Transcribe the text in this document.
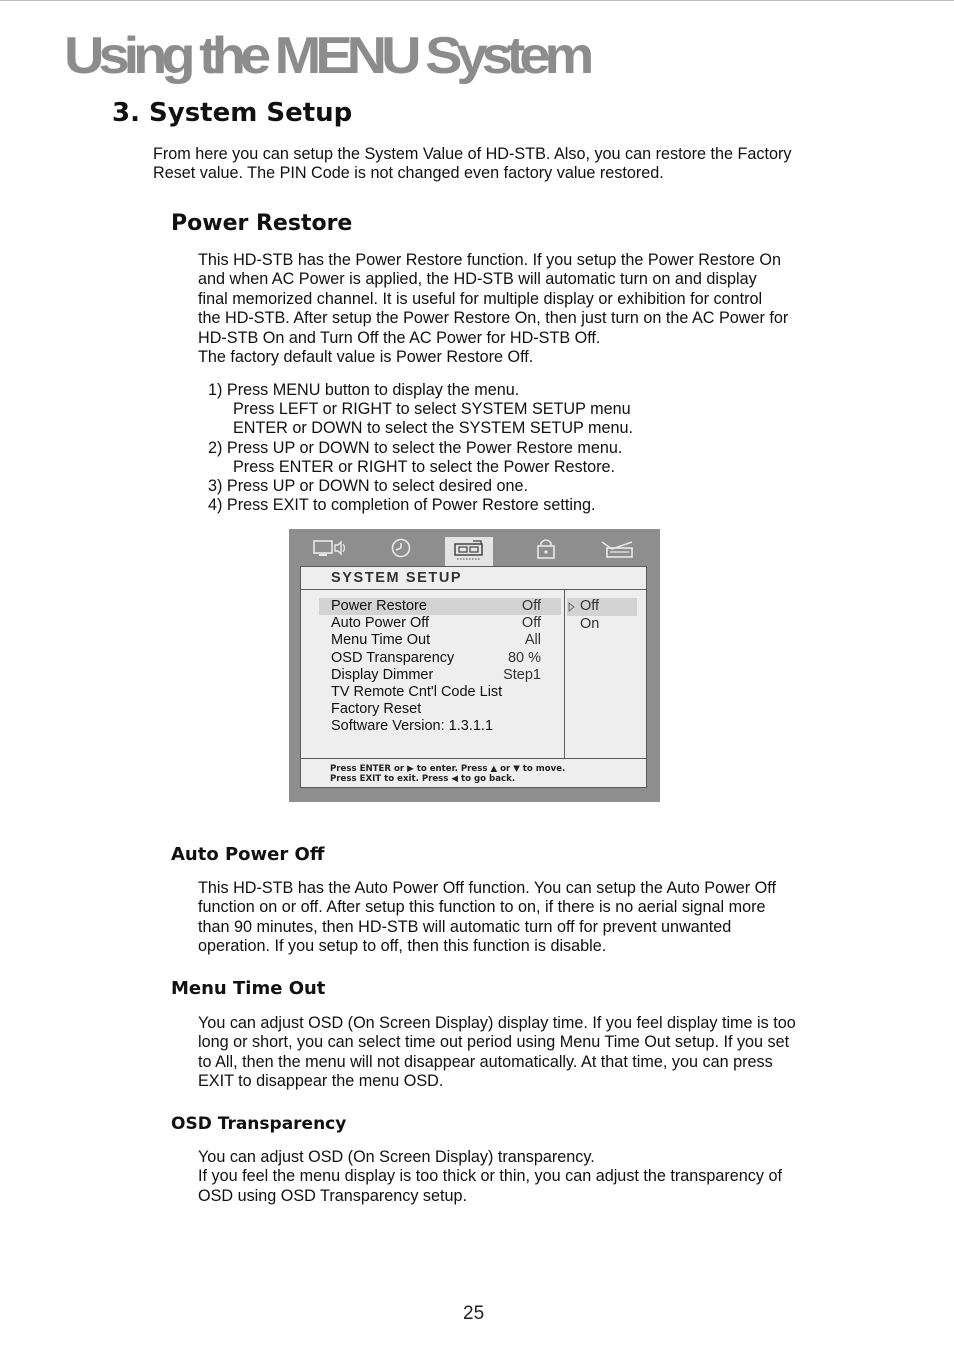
Using the MENU System
3. System Setup

From here you can setup the System Value of HD-STB. Also, you can restore the Factory
Reset value. The PIN Code is not changed even factory value restored.

Power Restore

This HD-STB has the Power Restore function. If you setup the Power Restore On
and when AC Power is applied, the HD-STB will automatic turn on and display
final memorized channel. It is useful for multiple display or exhibition for control
the HD-STB. After setup the Power Restore On, then just turn on the AC Power for
HD-STB On and Turn Off the AC Power for HD-STB Off.
The factory default value is Power Restore Off.

1) Press MENU button to display the menu.
Press LEFT or RIGHT to select SYSTEM SETUP menu
ENTER or DOWN to select the SYSTEM SETUP menu.
2) Press UP or DOWN to select the Power Restore menu.
Press ENTER or RIGHT to select the Power Restore.
3) Press UP or DOWN to select desired one.
4) Press EXIT to completion of Power Restore setting.
SYSTEM SETUP
Power Restore	Off
Auto Power Off	Off
Menu Time Out	All
OSD Transparency	80 %
Display Dimmer	Step1
TV Remote Cnt'l Code List
Factory Reset
Software Version: 1.3.1.1
Off
On
Press ENTER or ▶ to enter. Press ▲ or ▼ to move.
Press EXIT to exit. Press ◀ to go back.
Auto Power Off

This HD-STB has the Auto Power Off function. You can setup the Auto Power Off
function on or off. After setup this function to on, if there is no aerial signal more
than 90 minutes, then HD-STB will automatic turn off for prevent unwanted
operation. If you setup to off, then this function is disable.

Menu Time Out

You can adjust OSD (On Screen Display) display time. If you feel display time is too
long or short, you can select time out period using Menu Time Out setup. If you set
to All, then the menu will not disappear automatically. At that time, you can press
EXIT to disappear the menu OSD.

OSD Transparency

You can adjust OSD (On Screen Display) transparency.
If you feel the menu display is too thick or thin, you can adjust the transparency of
OSD using OSD Transparency setup.

25
